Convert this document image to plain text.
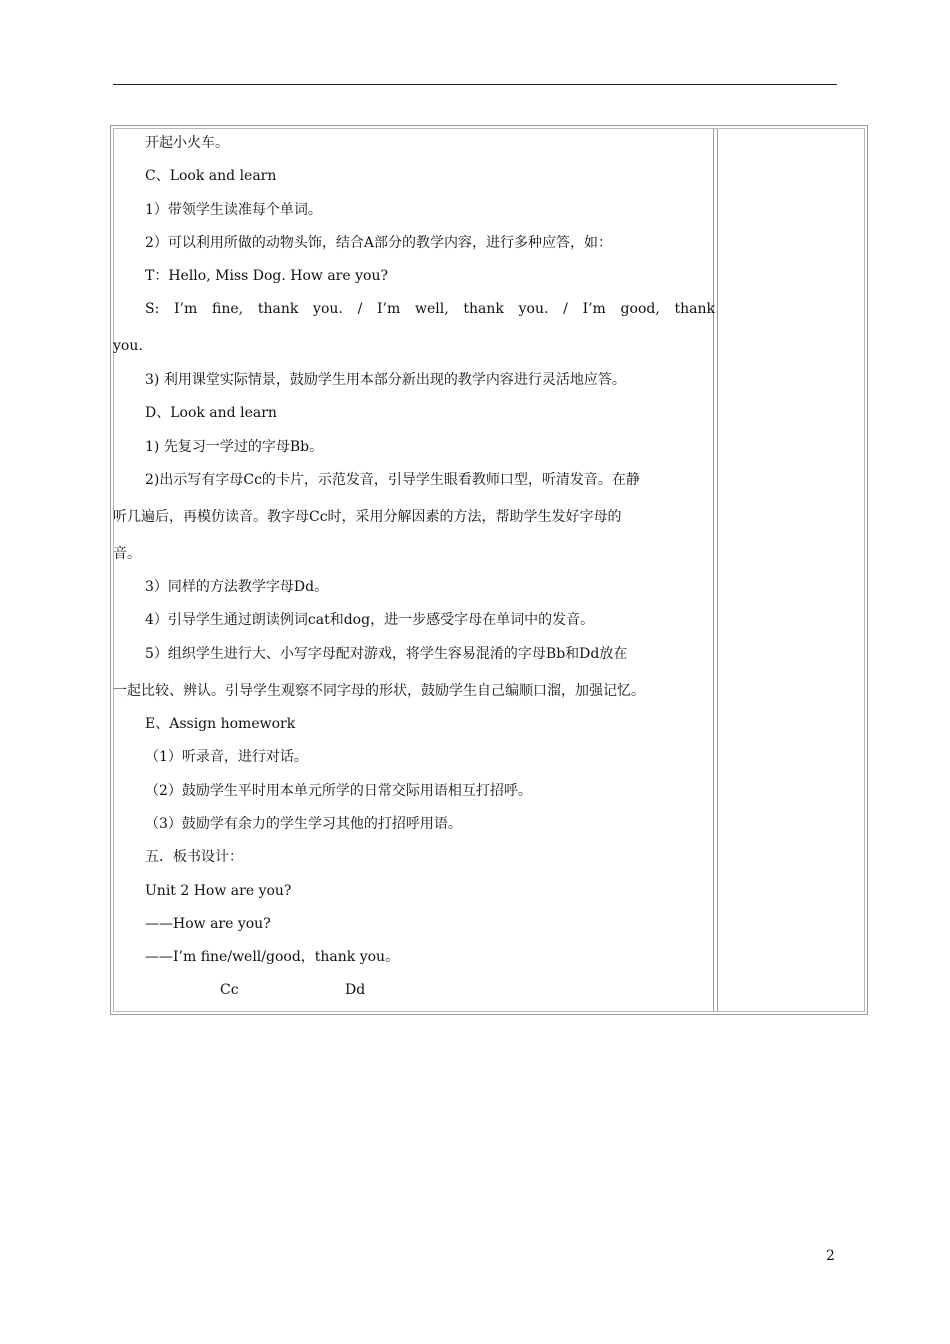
开起小火车。
C、Look and learn
1）带领学生读准每个单词。
2）可以利用所做的动物头饰，结合A部分的教学内容，进行多种应答，如：
T：Hello, Miss Dog. How are you?
S: I’m fine, thank you. / I’m well, thank you. / I’m good, thank
you.
3) 利用课堂实际情景，鼓励学生用本部分新出现的教学内容进行灵活地应答。
D、Look and learn
1) 先复习一学过的字母Bb。
2)出示写有字母Cc的卡片，示范发音，引导学生眼看教师口型，听清发音。在静
听几遍后，再模仿读音。教字母Cc时，采用分解因素的方法，帮助学生发好字母的
音。
3）同样的方法教学字母Dd。
4）引导学生通过朗读例词cat和dog，进一步感受字母在单词中的发音。
5）组织学生进行大、小写字母配对游戏，将学生容易混淆的字母Bb和Dd放在
一起比较、辨认。引导学生观察不同字母的形状，鼓励学生自己编顺口溜，加强记忆。
E、Assign homework
（1）听录音，进行对话。
（2）鼓励学生平时用本单元所学的日常交际用语相互打招呼。
（3）鼓励学有余力的学生学习其他的打招呼用语。
五．板书设计：
Unit 2 How are you?
——How are you?
——I’m fine/well/good，thank you。
Cc	Dd
2
